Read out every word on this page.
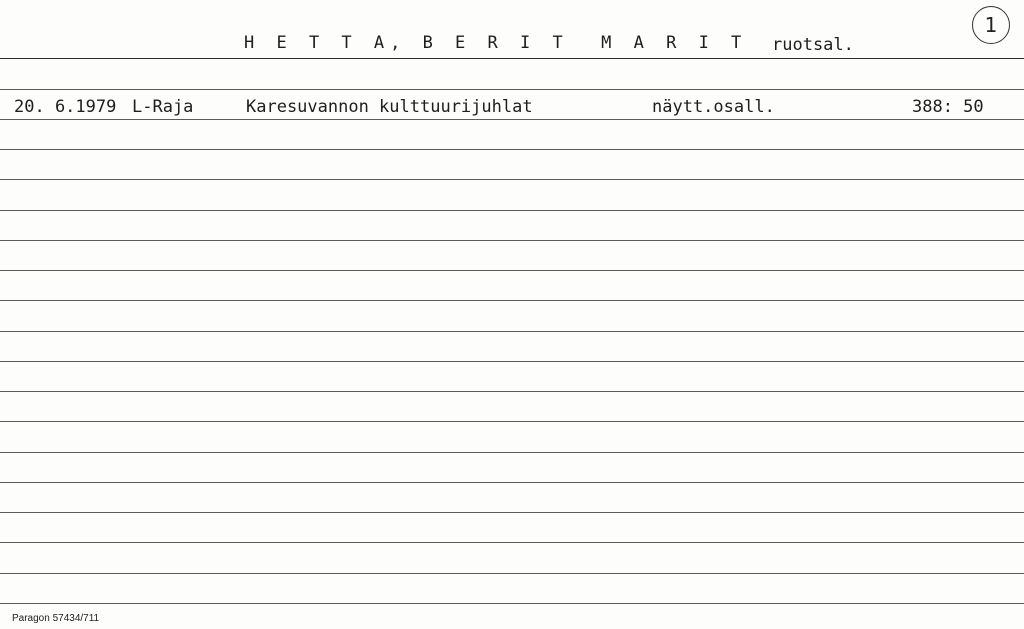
H E T T A, B E R I T  M A R I T ruotsal.
1
20. 6.1979 L-Raja	Karesuvannon kulttuurijuhlat	näytt.osall.	388: 50
Paragon 57434/711
